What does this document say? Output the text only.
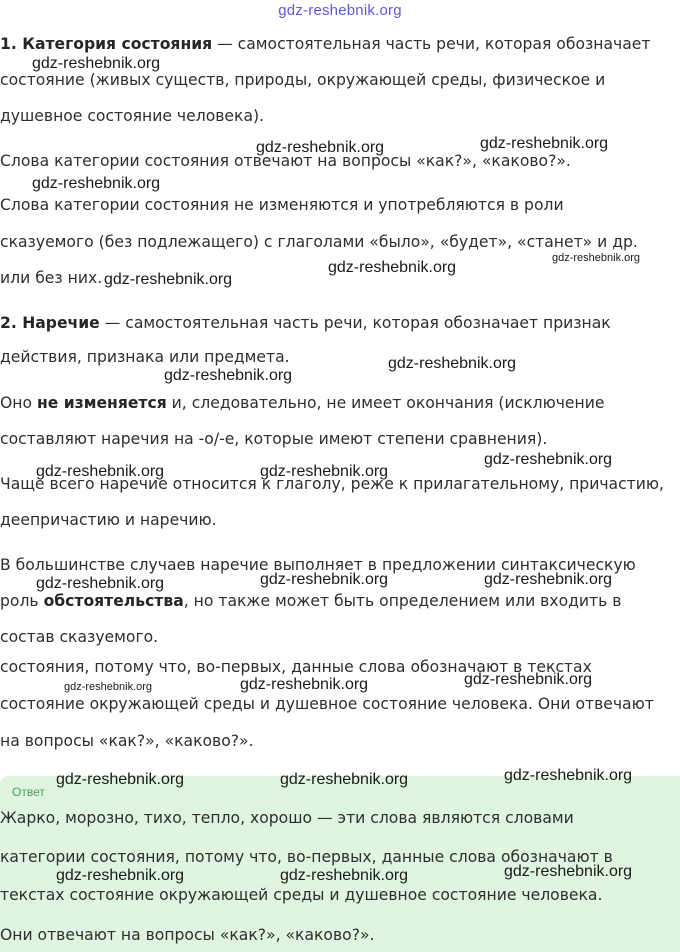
gdz-reshebnik.org
1. Категория состояния — самостоятельная часть речи, которая обозначает
состояние (живых существ, природы, окружающей среды, физическое и
душевное состояние человека).
Слова категории состояния отвечают на вопросы «как?», «каково?».
Слова категории состояния не изменяются и употребляются в роли
сказуемого (без подлежащего) с глаголами «было», «будет», «станет» и др.
или без них.
2. Наречие — самостоятельная часть речи, которая обозначает признак
действия, признака или предмета.
Оно не изменяется и, следовательно, не имеет окончания (исключение
составляют наречия на -о/-е, которые имеют степени сравнения).
Чаще всего наречие относится к глаголу, реже к прилагательному, причастию,
деепричастию и наречию.
В большинстве случаев наречие выполняет в предложении синтаксическую
роль обстоятельства, но также может быть определением или входить в
состав сказуемого.
состояния, потому что, во-первых, данные слова обозначают в текстах
состояние окружающей среды и душевное состояние человека. Они отвечают
на вопросы «как?», «каково?».
Ответ
Жарко, морозно, тихо, тепло, хорошо — эти слова являются словами
категории состояния, потому что, во-первых, данные слова обозначают в
текстах состояние окружающей среды и душевное состояние человека.
Они отвечают на вопросы «как?», «каково?».
gdz-reshebnik.org
gdz-reshebnik.org	gdz-reshebnik.org
gdz-reshebnik.org
gdz-reshebnik.org
gdz-reshebnik.org
gdz-reshebnik.org
gdz-reshebnik.org
gdz-reshebnik.org
gdz-reshebnik.org	gdz-reshebnik.org
gdz-reshebnik.org
gdz-reshebnik.org	gdz-reshebnik.org	gdz-reshebnik.org
gdz-reshebnik.org	gdz-reshebnik.org	gdz-reshebnik.org
gdz-reshebnik.org	gdz-reshebnik.org	gdz-reshebnik.org
gdz-reshebnik.org	gdz-reshebnik.org	gdz-reshebnik.org
